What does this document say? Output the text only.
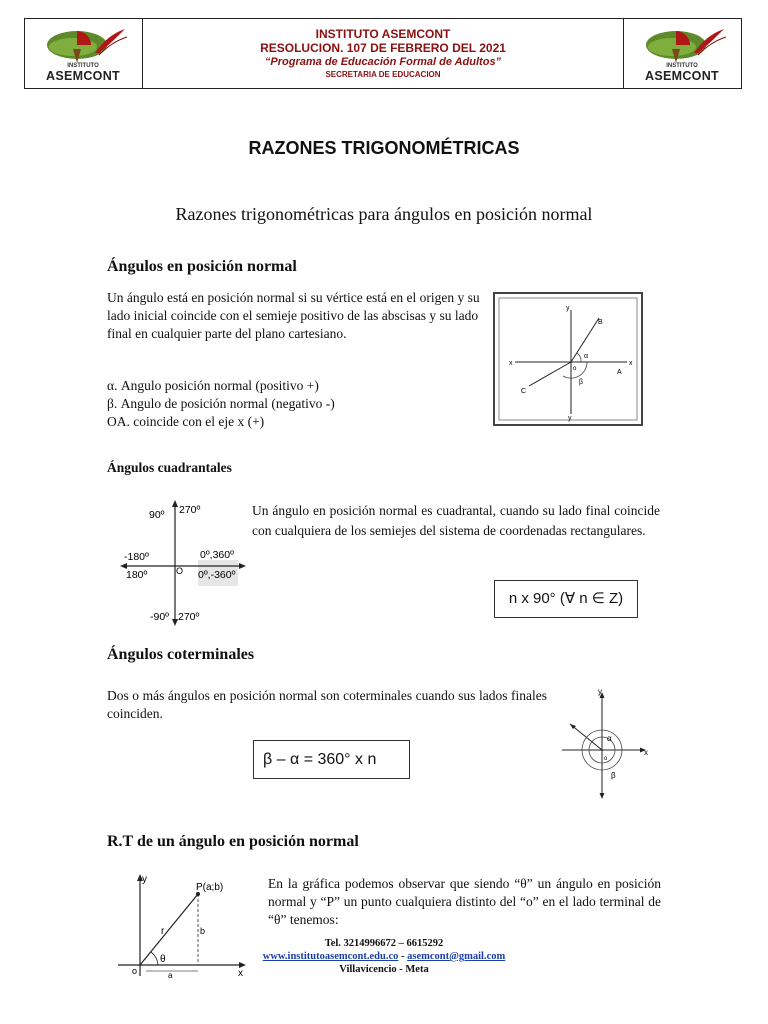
INSTITUTO
ASEMCONT
INSTITUTO ASEMCONT
RESOLUCION. 107 DE FEBRERO DEL 2021
“Programa de Educación Formal de Adultos”
SECRETARIA DE EDUCACION
INSTITUTO
ASEMCONT
RAZONES TRIGONOMÉTRICAS
Razones trigonométricas para ángulos en posición normal
Ángulos en posición normal
Un ángulo está en posición normal si su vértice está en el origen y su lado inicial coincide con el semieje positivo de las abscisas y su lado final en cualquier parte del plano cartesiano.
α. Angulo posición normal (positivo +)
β. Angulo de posición normal (negativo -)
OA. coincide con el eje x (+)
y
x	x
B
A
C
o
α
β
y
Ángulos cuadrantales
90º 270º
-180º
180º
0º,360º
0º,-360º
O
-90º 270º
Un ángulo en posición normal es cuadrantal, cuando su lado final coincide con cualquiera de los semiejes del sistema de coordenadas rectangulares.
n x 90° (∀ n ∈ Z)
Ángulos coterminales
Dos o más ángulos en posición normal son coterminales cuando sus lados finales coinciden.
β – α = 360° x n
y
x
α
β
o
R.T de un ángulo en posición normal
y
x
P(a;b)
r	b
a
θ
o
En la gráfica podemos observar que siendo “θ” un ángulo en posición normal y “P” un punto cualquiera distinto del “o” en el lado terminal de “θ” tenemos:
Tel. 3214996672 – 6615292
www.institutoasemcont.edu.co - asemcont@gmail.com
Villavicencio - Meta
